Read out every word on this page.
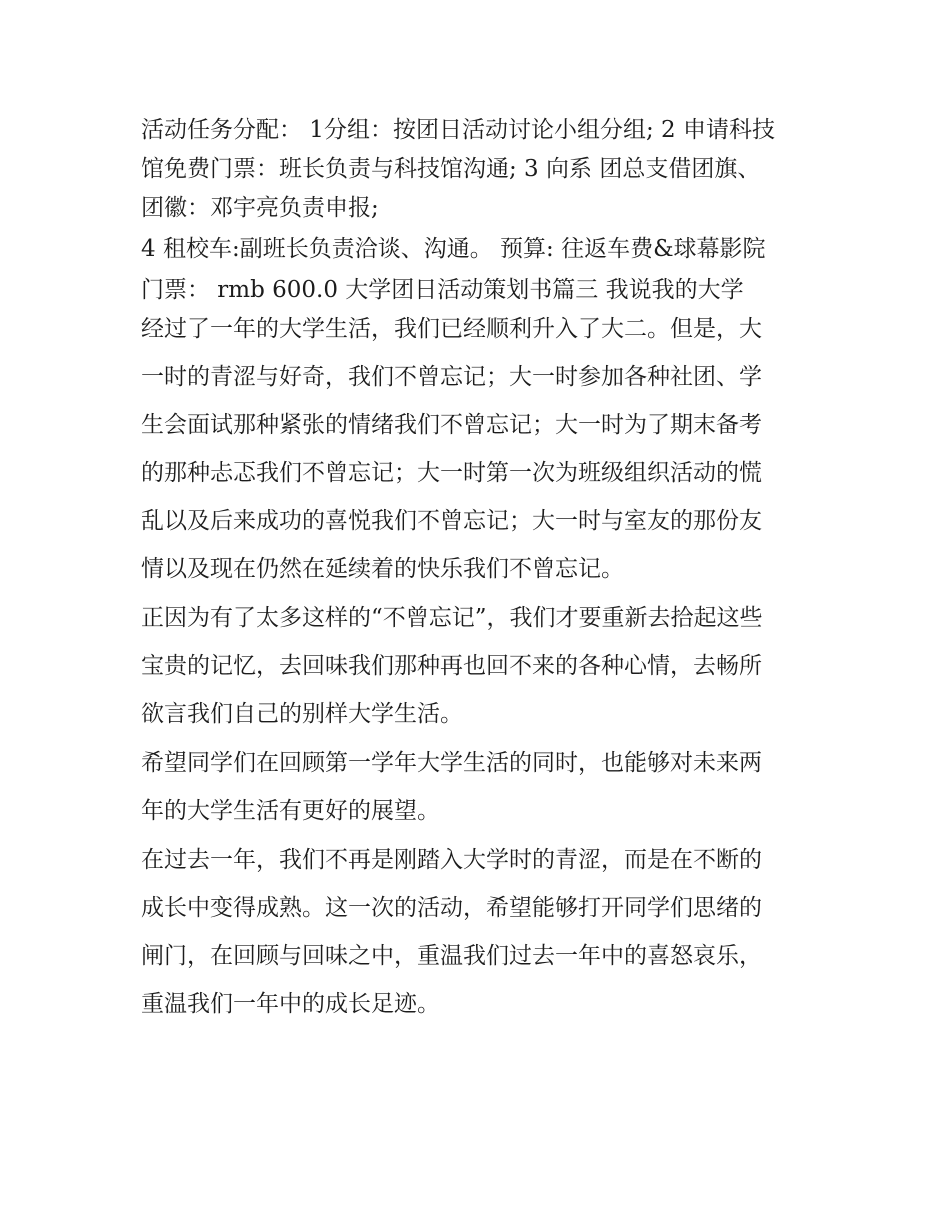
活动任务分配： 1分组：按团日活动讨论小组分组; 2 申请科技
馆免费门票：班长负责与科技馆沟通; 3 向系 团总支借团旗、
团徽：邓宇亮负责申报;
4 租校车:副班长负责洽谈、沟通。 预算: 往返车费&球幕影院
门票： rmb 600.0 大学团日活动策划书篇三 我说我的大学
经过了一年的大学生活，我们已经顺利升入了大二。但是，大
一时的青涩与好奇，我们不曾忘记；大一时参加各种社团、学
生会面试那种紧张的情绪我们不曾忘记；大一时为了期末备考
的那种忐忑我们不曾忘记；大一时第一次为班级组织活动的慌
乱以及后来成功的喜悦我们不曾忘记；大一时与室友的那份友
情以及现在仍然在延续着的快乐我们不曾忘记。
正因为有了太多这样的“不曾忘记”，我们才要重新去拾起这些
宝贵的记忆，去回味我们那种再也回不来的各种心情，去畅所
欲言我们自己的别样大学生活。
希望同学们在回顾第一学年大学生活的同时，也能够对未来两
年的大学生活有更好的展望。
在过去一年，我们不再是刚踏入大学时的青涩，而是在不断的
成长中变得成熟。这一次的活动，希望能够打开同学们思绪的
闸门，在回顾与回味之中，重温我们过去一年中的喜怒哀乐，
重温我们一年中的成长足迹。
